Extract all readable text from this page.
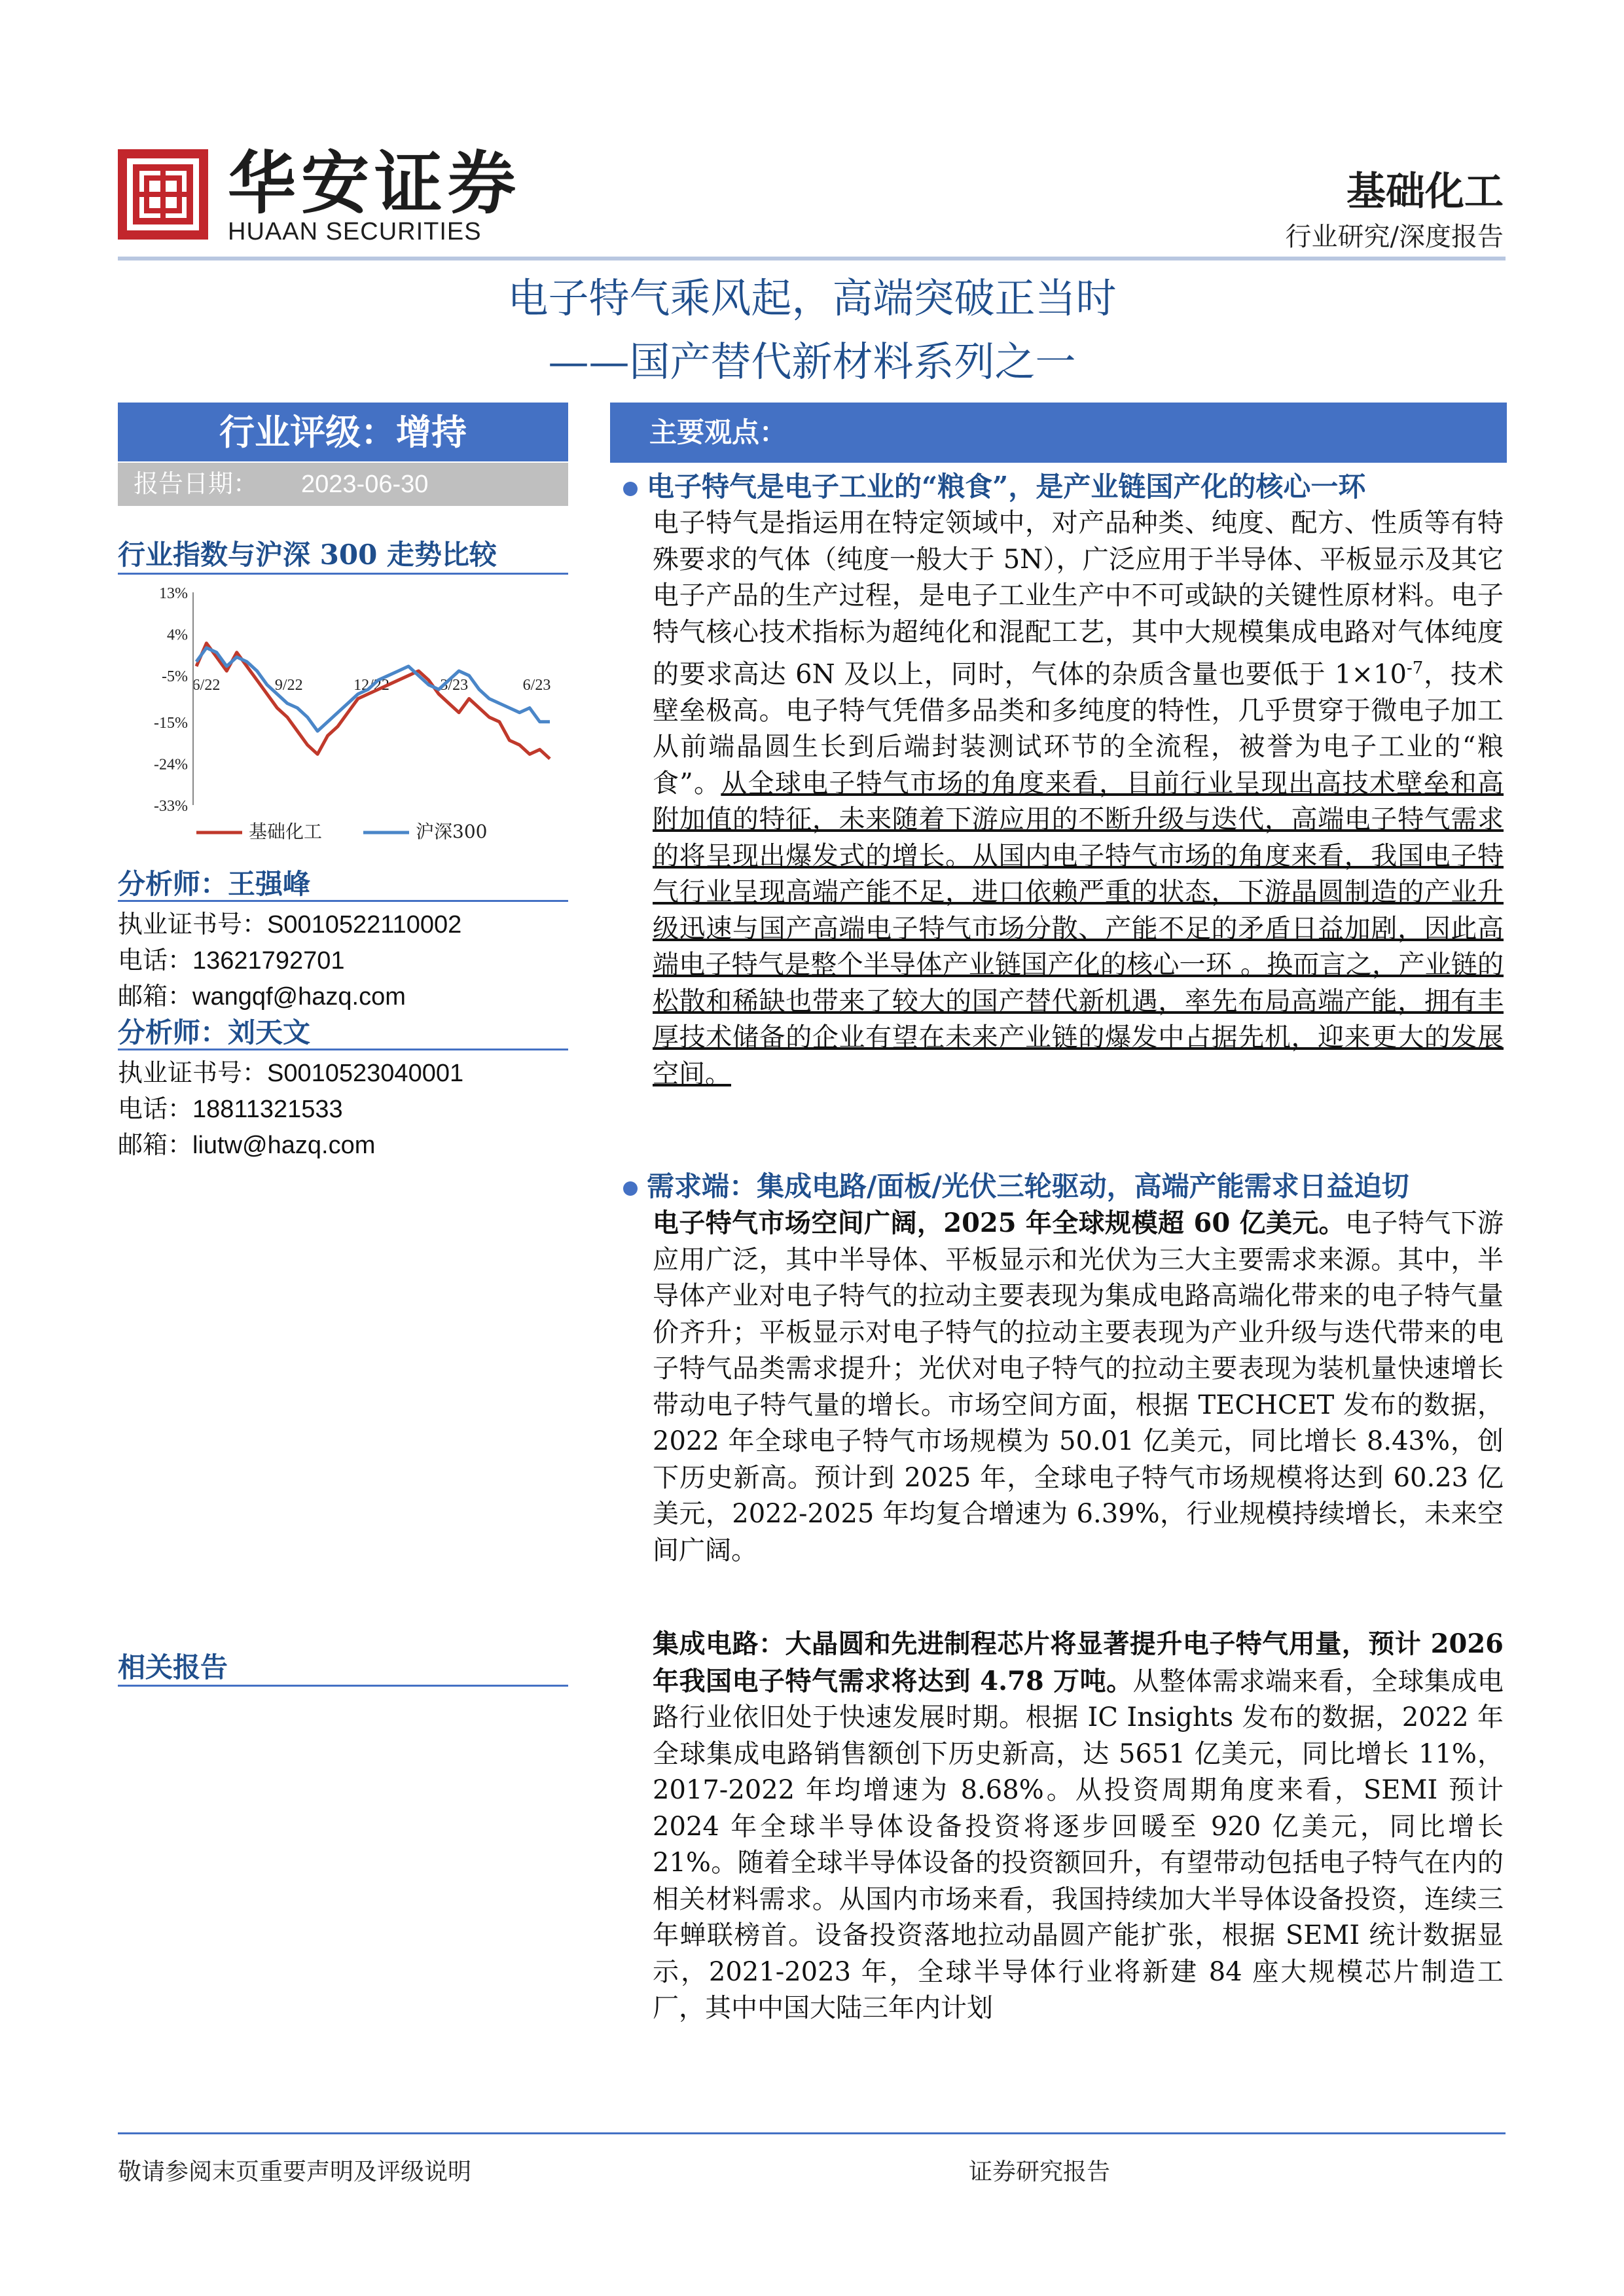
华安证券
HUAAN SECURITIES
基础化工
行业研究/深度报告
电子特气乘风起，高端突破正当时
——国产替代新材料系列之一
行业评级：增持
报告日期： 2023-06-30
行业指数与沪深 300 走势比较
13%
4%
-5%
-15%
-24%
-33%
6/22	9/22	12/22	3/23	6/23
基础化工	沪深300
分析师：王强峰
执业证书号：S0010522110002
电话：13621792701
邮箱：wangqf@hazq.com
分析师：刘天文
执业证书号：S0010523040001
电话：18811321533
邮箱：liutw@hazq.com
相关报告
主要观点：
电子特气是电子工业的“粮食”，是产业链国产化的核心一环
电子特气是指运用在特定领域中，对产品种类、纯度、配方、性质等有特殊要求的气体（纯度一般大于 5N），广泛应用于半导体、平板显示及其它电子产品的生产过程，是电子工业生产中不可或缺的关键性原材料。电子特气核心技术指标为超纯化和混配工艺，其中大规模集成电路对气体纯度的要求高达 6N 及以上，同时，气体的杂质含量也要低于 $1\times 10^{-7}$，技术壁垒极高。电子特气凭借多品类和多纯度的特性，几乎贯穿于微电子加工从前端晶圆生长到后端封装测试环节的全流程，被誉为电子工业的“粮食”。从全球电子特气市场的角度来看，目前行业呈现出高技术壁垒和高附加值的特征，未来随着下游应用的不断升级与迭代，高端电子特气需求的将呈现出爆发式的增长。从国内电子特气市场的角度来看，我国电子特气行业呈现高端产能不足，进口依赖严重的状态，下游晶圆制造的产业升级迅速与国产高端电子特气市场分散、产能不足的矛盾日益加剧，因此高端电子特气是整个半导体产业链国产化的核心一环 。换而言之，产业链的松散和稀缺也带来了较大的国产替代新机遇，率先布局高端产能，拥有丰厚技术储备的企业有望在未来产业链的爆发中占据先机，迎来更大的发展空间。
需求端：集成电路/面板/光伏三轮驱动，高端产能需求日益迫切
电子特气市场空间广阔，2025 年全球规模超 60 亿美元。电子特气下游应用广泛，其中半导体、平板显示和光伏为三大主要需求来源。其中，半导体产业对电子特气的拉动主要表现为集成电路高端化带来的电子特气量价齐升；平板显示对电子特气的拉动主要表现为产业升级与迭代带来的电子特气品类需求提升；光伏对电子特气的拉动主要表现为装机量快速增长带动电子特气量的增长。市场空间方面，根据 TECHCET 发布的数据，2022 年全球电子特气市场规模为 50.01 亿美元，同比增长 8.43%，创下历史新高。预计到 2025 年，全球电子特气市场规模将达到 60.23 亿美元，2022-2025 年均复合增速为 6.39%，行业规模持续增长，未来空间广阔。
集成电路：大晶圆和先进制程芯片将显著提升电子特气用量，预计 2026 年我国电子特气需求将达到 4.78 万吨。从整体需求端来看，全球集成电路行业依旧处于快速发展时期。根据 IC Insights 发布的数据，2022 年全球集成电路销售额创下历史新高，达 5651 亿美元，同比增长 11%，2017-2022 年均增速为 8.68%。从投资周期角度来看，SEMI 预计 2024 年全球半导体设备投资将逐步回暖至 920 亿美元，同比增长 21%。随着全球半导体设备的投资额回升，有望带动包括电子特气在内的相关材料需求。从国内市场来看，我国持续加大半导体设备投资，连续三年蝉联榜首。设备投资落地拉动晶圆产能扩张，根据 SEMI 统计数据显示，2021-2023 年，全球半导体行业将新建 84 座大规模芯片制造工厂，其中中国大陆三年内计划
敬请参阅末页重要声明及评级说明	证券研究报告
